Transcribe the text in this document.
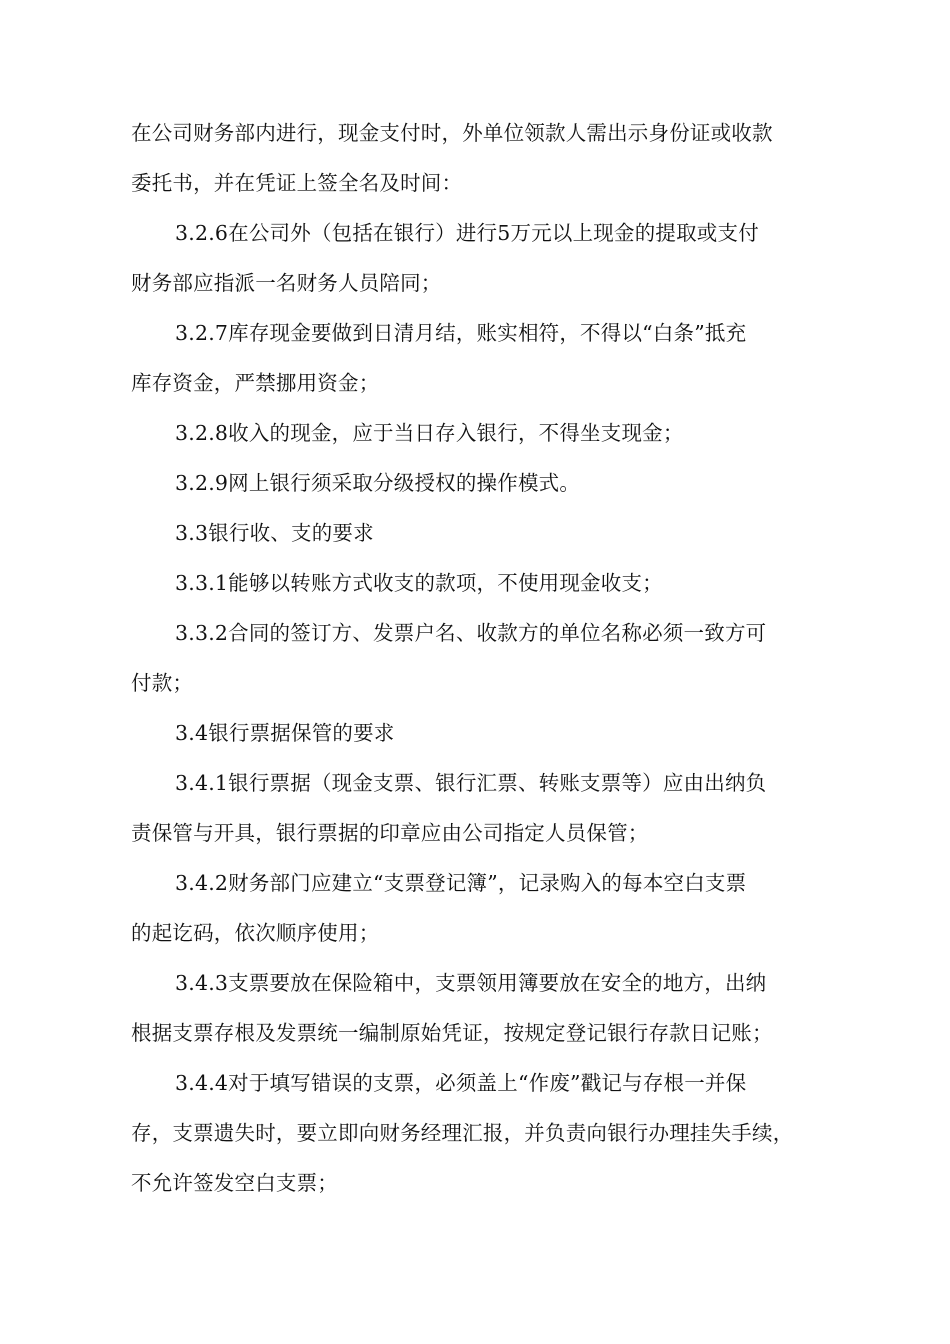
在公司财务部内进行，现金支付时，外单位领款人需出示身份证或收款
委托书，并在凭证上签全名及时间：
3.2.6在公司外（包括在银行）进行5万元以上现金的提取或支付
财务部应指派一名财务人员陪同；
3.2.7库存现金要做到日清月结，账实相符，不得以“白条”抵充
库存资金，严禁挪用资金；
3.2.8收入的现金，应于当日存入银行，不得坐支现金；
3.2.9网上银行须采取分级授权的操作模式。
3.3银行收、支的要求
3.3.1能够以转账方式收支的款项，不使用现金收支；
3.3.2合同的签订方、发票户名、收款方的单位名称必须一致方可
付款；
3.4银行票据保管的要求
3.4.1银行票据（现金支票、银行汇票、转账支票等）应由出纳负
责保管与开具，银行票据的印章应由公司指定人员保管；
3.4.2财务部门应建立“支票登记簿”，记录购入的每本空白支票
的起讫码，依次顺序使用；
3.4.3支票要放在保险箱中，支票领用簿要放在安全的地方，出纳
根据支票存根及发票统一编制原始凭证，按规定登记银行存款日记账；
3.4.4对于填写错误的支票，必须盖上“作废”戳记与存根一并保
存，支票遗失时，要立即向财务经理汇报，并负责向银行办理挂失手续，
不允许签发空白支票；
